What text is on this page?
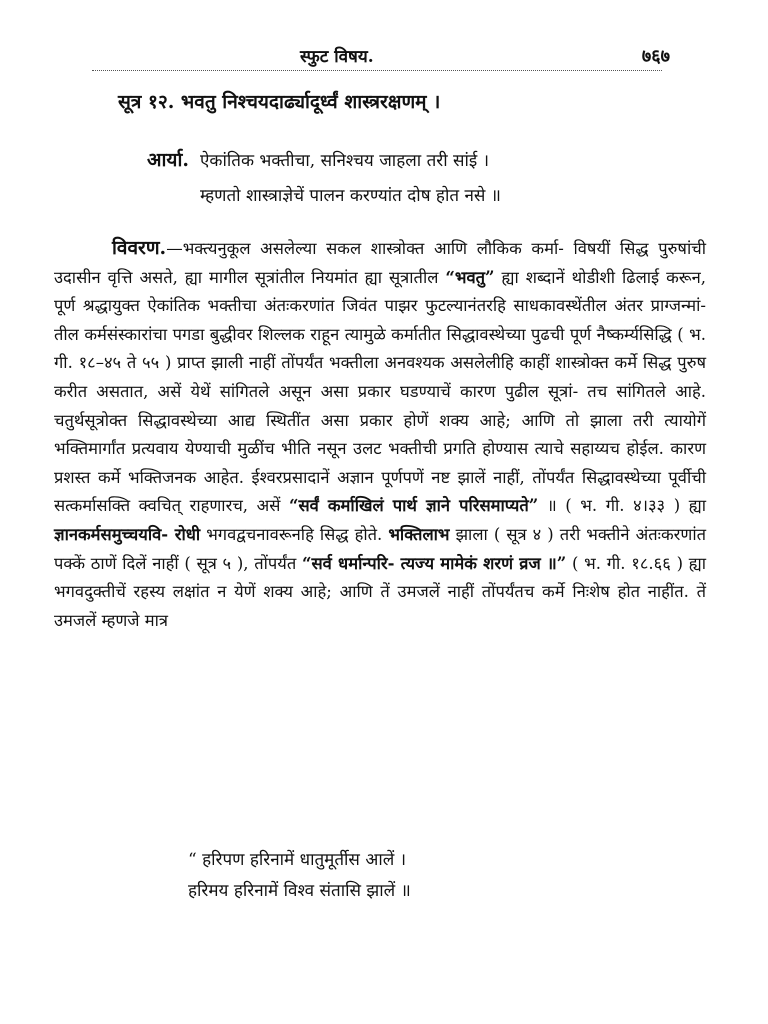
स्फुट विषय.	७६७
सूत्र १२. भवतु निश्चयदार्ढ्यादूर्ध्वं शास्त्ररक्षणम् ।
आर्या. ऐकांतिक भक्तीचा, सनिश्चय जाहला तरी सांई ।
म्हणतो शास्त्राज्ञेचें पालन करण्यांत दोष होत नसे ॥

विवरण.—भक्त्यनुकूल असलेल्या सकल शास्त्रोक्त आणि लौकिक कर्मा- विषयीं सिद्ध पुरुषांची उदासीन वृत्ति असते, ह्या मागील सूत्रांतील नियमांत ह्या सूत्रातील “भवतु” ह्या शब्दानें थोडीशी ढिलाई करून, पूर्ण श्रद्धायुक्त ऐकांतिक भक्तीचा अंतःकरणांत जिवंत पाझर फुटल्यानंतरहि साधकावस्थेंतील अंतर प्राग्जन्मां- तील कर्मसंस्कारांचा पगडा बुद्धीवर शिल्लक राहून त्यामुळे कर्मातीत सिद्धावस्थेच्या पुढची पूर्ण नैष्कर्म्यसिद्धि ( भ. गी. १८–४५ ते ५५ ) प्राप्त झाली नाहीं तोंपर्यंत भक्तीला अनवश्यक असलेलीहि काहीं शास्त्रोक्त कर्मे सिद्ध पुरुष करीत असतात, असें येथें सांगितले असून असा प्रकार घडण्याचें कारण पुढील सूत्रां- तच सांगितले आहे. चतुर्थसूत्रोक्त सिद्धावस्थेच्या आद्य स्थितींत असा प्रकार होणें शक्य आहे; आणि तो झाला तरी त्यायोगें भक्तिमार्गांत प्रत्यवाय येण्याची मुळींच भीति नसून उलट भक्तीची प्रगति होण्यास त्याचे सहाय्यच होईल. कारण प्रशस्त कर्मे भक्तिजनक आहेत. ईश्वरप्रसादानें अज्ञान पूर्णपणें नष्ट झालें नाहीं, तोंपर्यंत सिद्धावस्थेच्या पूर्वीची सत्कर्मासक्ति क्वचित् राहणारच, असें “सर्वं कर्माखिलं पार्थ ज्ञाने परिसमाप्यते” ॥ ( भ. गी. ४।३३ ) ह्या ज्ञानकर्मसमुच्चयवि- रोधी भगवद्वचनावरूनहि सिद्ध होते. भक्तिलाभ झाला ( सूत्र ४ ) तरी भक्तीने अंतःकरणांत पक्कें ठाणें दिलें नाहीं ( सूत्र ५ ), तोंपर्यंत “सर्व धर्मान्परि- त्यज्य मामेकं शरणं व्रज ॥” ( भ. गी. १८.६६ ) ह्या भगवदुक्तीचें रहस्य लक्षांत न येणें शक्य आहे; आणि तें उमजलें नाहीं तोंपर्यंतच कर्मे निःशेष होत नाहींत. तें उमजलें म्हणजे मात्र

“ हरिपण हरिनामें धातुमूर्तीस आलें ।
हरिमय हरिनामें विश्व संतासि झालें ॥
